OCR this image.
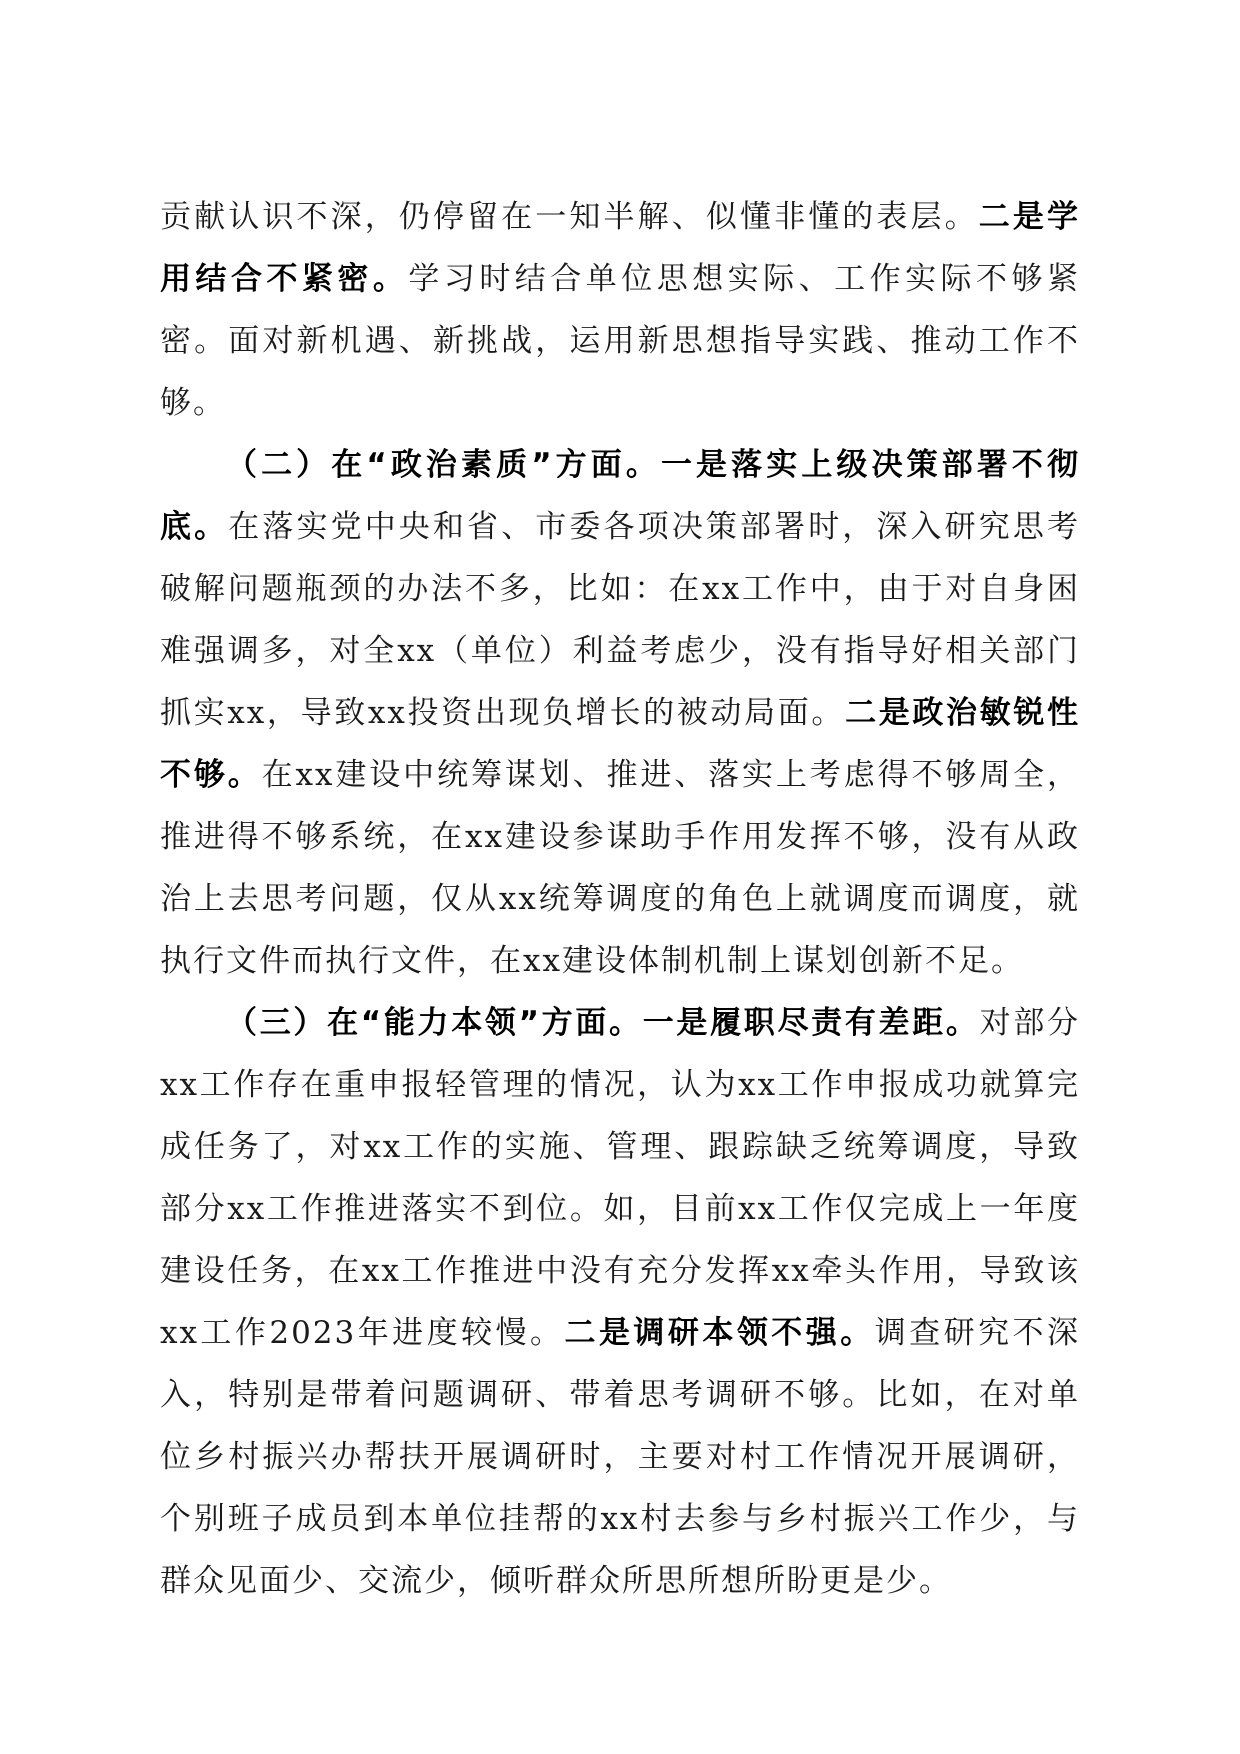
贡献认识不深，仍停留在一知半解、似懂非懂的表层。二是学用结合不紧密。学习时结合单位思想实际、工作实际不够紧密。面对新机遇、新挑战，运用新思想指导实践、推动工作不够。

（二）在“政治素质”方面。一是落实上级决策部署不彻底。在落实党中央和省、市委各项决策部署时，深入研究思考破解问题瓶颈的办法不多，比如：在xx工作中，由于对自身困难强调多，对全xx（单位）利益考虑少，没有指导好相关部门抓实xx，导致xx投资出现负增长的被动局面。二是政治敏锐性不够。在xx建设中统筹谋划、推进、落实上考虑得不够周全，推进得不够系统，在xx建设参谋助手作用发挥不够，没有从政治上去思考问题，仅从xx统筹调度的角色上就调度而调度，就执行文件而执行文件，在xx建设体制机制上谋划创新不足。

（三）在“能力本领”方面。一是履职尽责有差距。对部分xx工作存在重申报轻管理的情况，认为xx工作申报成功就算完成任务了，对xx工作的实施、管理、跟踪缺乏统筹调度，导致部分xx工作推进落实不到位。如，目前xx工作仅完成上一年度建设任务，在xx工作推进中没有充分发挥xx牵头作用，导致该xx工作2023年进度较慢。二是调研本领不强。调查研究不深入，特别是带着问题调研、带着思考调研不够。比如，在对单位乡村振兴办帮扶开展调研时，主要对村工作情况开展调研，个别班子成员到本单位挂帮的xx村去参与乡村振兴工作少，与群众见面少、交流少，倾听群众所思所想所盼更是少。
